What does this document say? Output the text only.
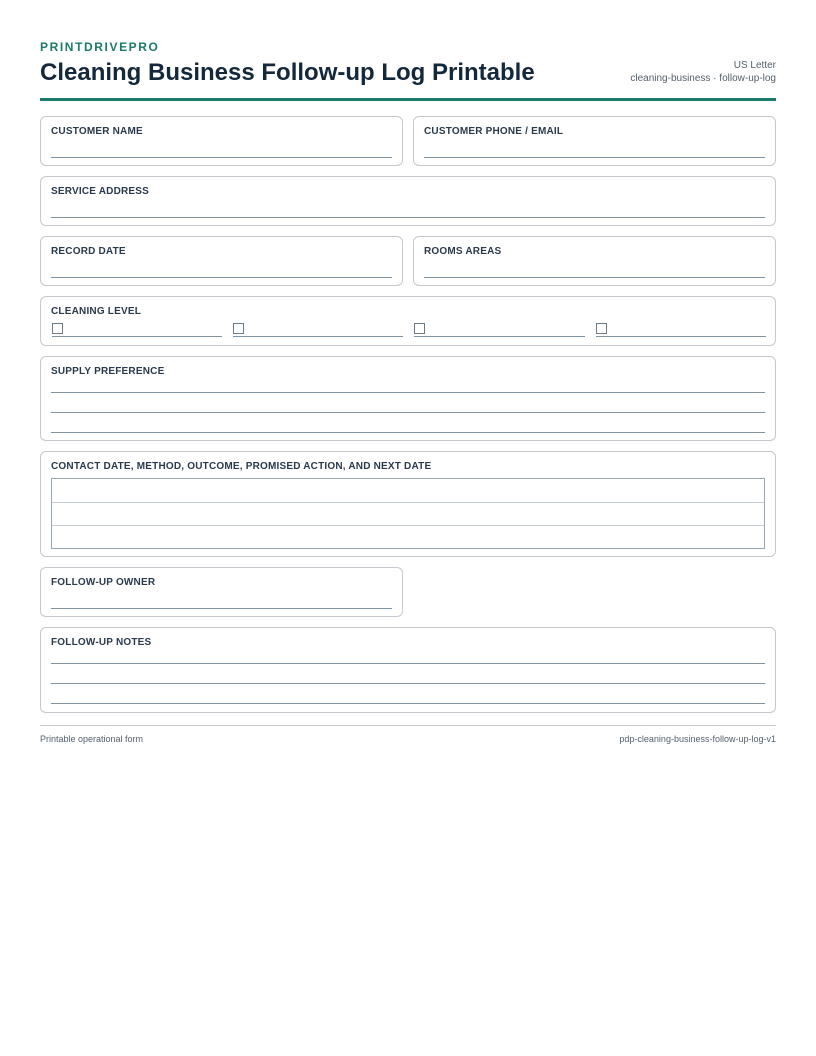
PRINTDRIVEPRO

Cleaning Business Follow-up Log Printable	US Letter
cleaning-business · follow-up-log
CUSTOMER NAME	CUSTOMER PHONE / EMAIL
SERVICE ADDRESS
RECORD DATE	ROOMS AREAS
CLEANING LEVEL
SUPPLY PREFERENCE
CONTACT DATE, METHOD, OUTCOME, PROMISED ACTION, AND NEXT DATE
FOLLOW-UP OWNER
FOLLOW-UP NOTES
Printable operational form	pdp-cleaning-business-follow-up-log-v1
